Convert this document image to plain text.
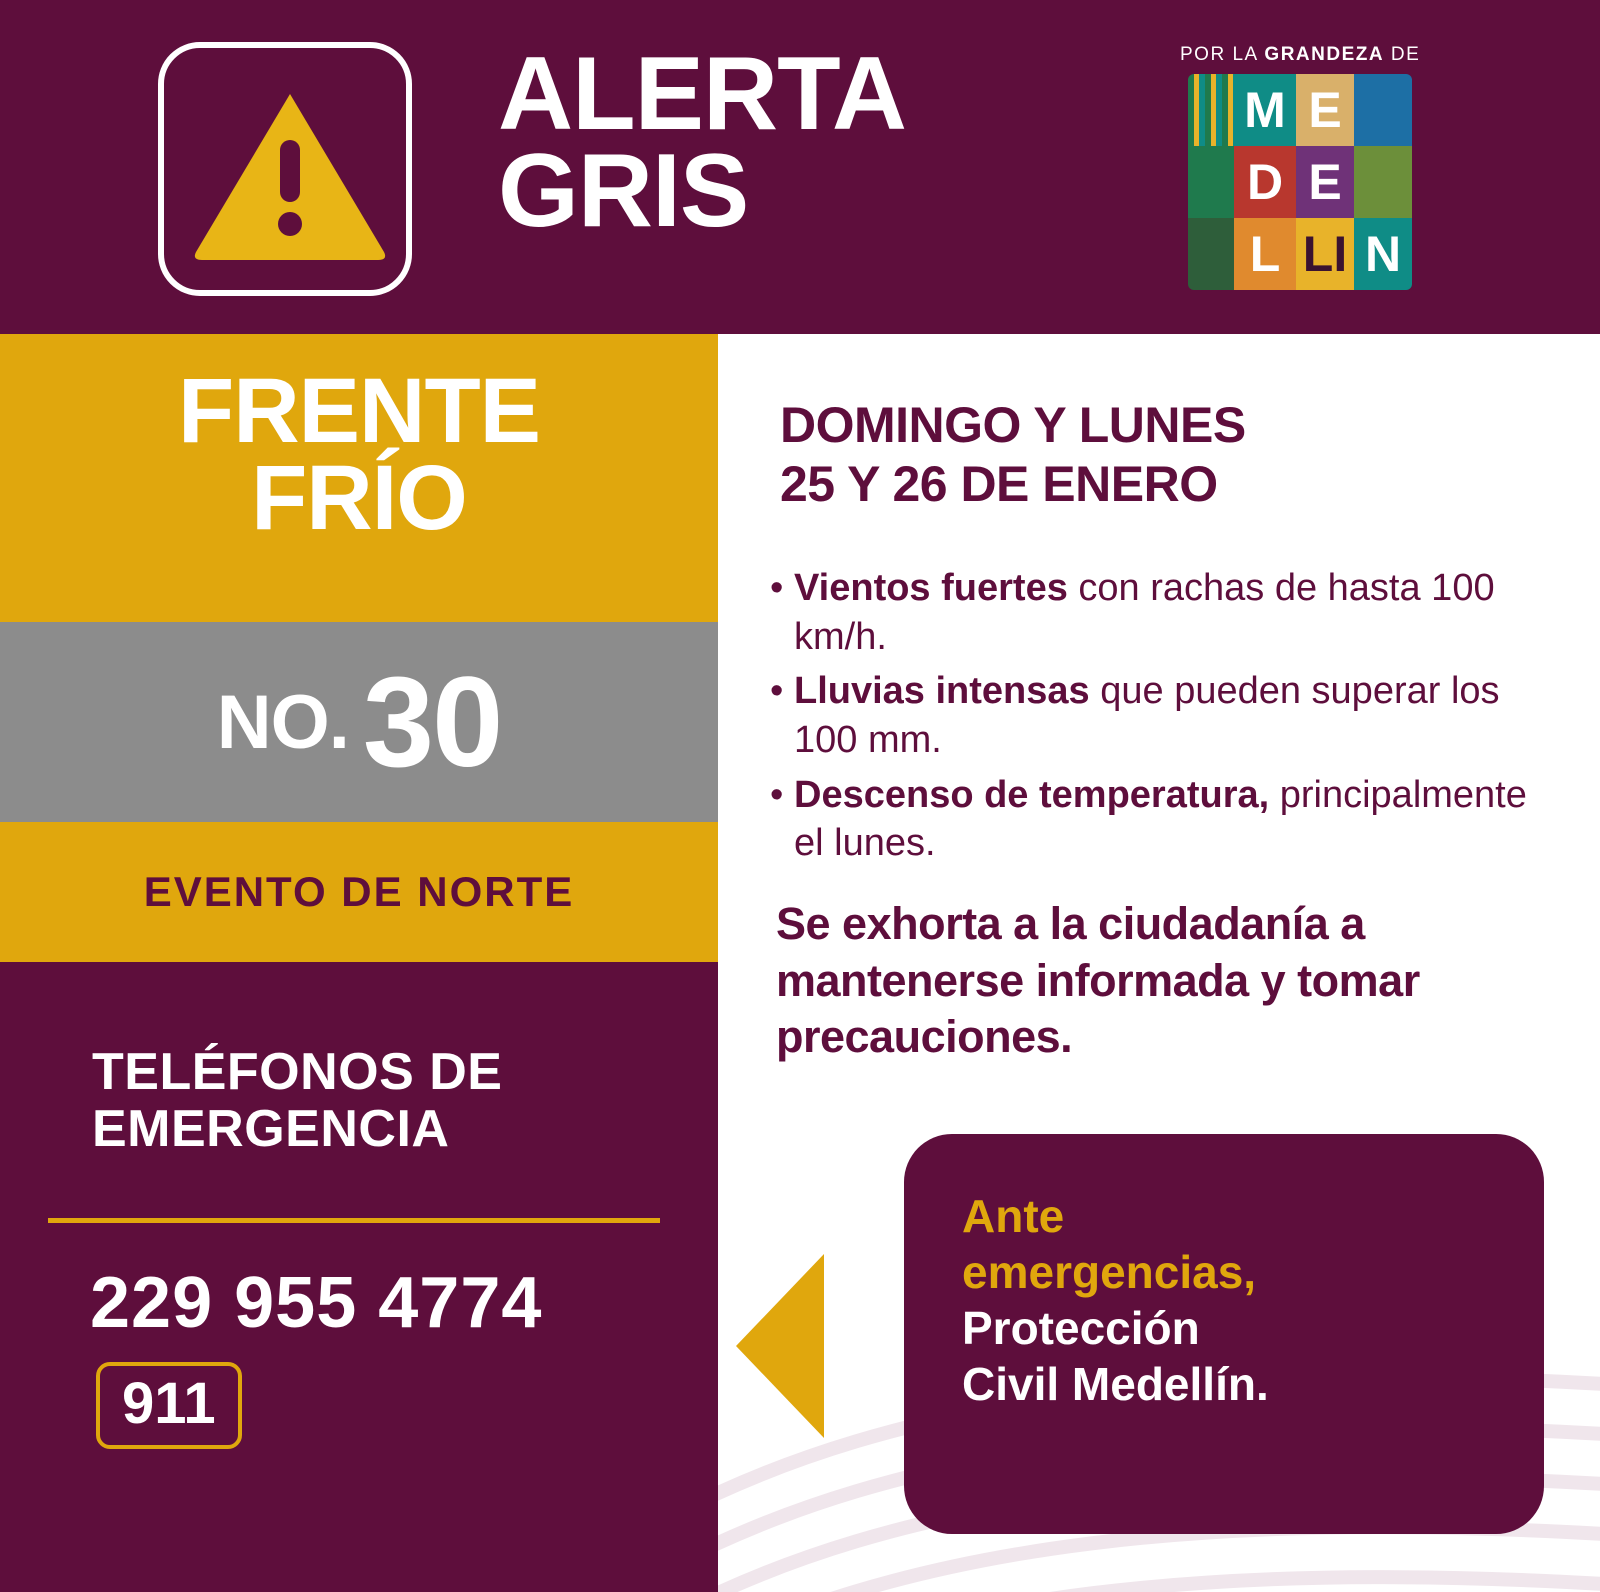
ALERTA
GRIS
POR LA GRANDEZA DE
M E
D E
L LI N
FRENTE
FRÍO
NO. 30
EVENTO DE NORTE
TELÉFONOS DE
EMERGENCIA
229 955 4774
911
DOMINGO Y LUNES
25 Y 26 DE ENERO
• Vientos fuertes con rachas de hasta 100 km/h.
• Lluvias intensas que pueden superar los 100 mm.
• Descenso de temperatura, principalmente el lunes.
Se exhorta a la ciudadanía a mantenerse informada y tomar precauciones.
Ante
emergencias,
Protección
Civil Medellín.
